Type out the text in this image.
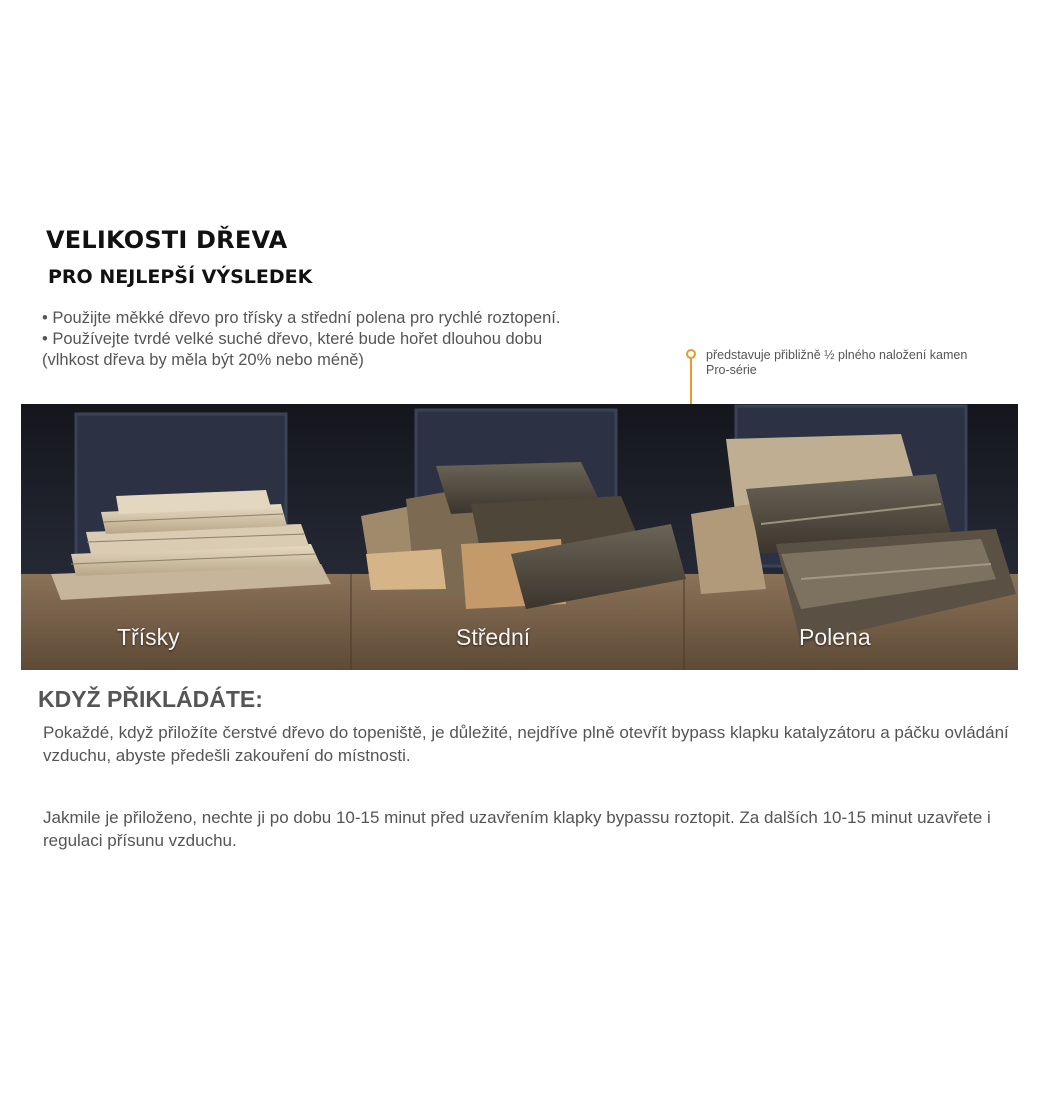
VELIKOSTI DŘEVA
PRO NEJLEPŠÍ VÝSLEDEK
• Použijte měkké dřevo pro třísky a střední polena pro rychlé roztopení.
• Používejte tvrdé velké suché dřevo, které bude hořet dlouhou dobu
(vlhkost dřeva by měla být 20% nebo méně)	představuje přibližně ½ plného naložení kamen
Pro-série
Třísky	Střední	Polena
KDYŽ PŘIKLÁDÁTE:

Pokaždé, když přiložíte čerstvé dřevo do topeniště, je důležité, nejdříve plně otevřít bypass klapku katalyzátoru a páčku ovládání vzduchu, abyste předešli zakouření do místnosti.

Jakmile je přiloženo, nechte ji po dobu 10-15 minut před uzavřením klapky bypassu roztopit. Za dalších 10-15 minut uzavřete i regulaci přísunu vzduchu.
